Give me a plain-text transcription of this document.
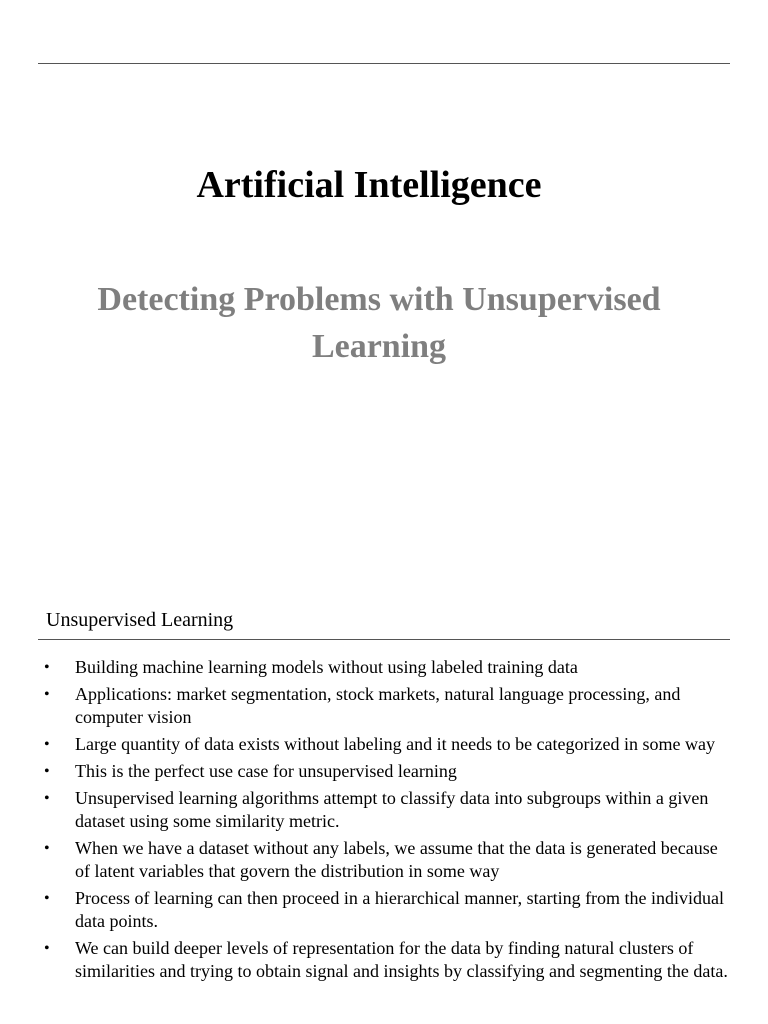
Artificial Intelligence
Detecting Problems with Unsupervised Learning
Unsupervised Learning
• Building machine learning models without using labeled training data
• Applications: market segmentation, stock markets, natural language processing, and computer vision
• Large quantity of data exists without labeling and it needs to be categorized in some way
• This is the perfect use case for unsupervised learning
• Unsupervised learning algorithms attempt to classify data into subgroups within a given dataset using some similarity metric.
• When we have a dataset without any labels, we assume that the data is generated because of latent variables that govern the distribution in some way
• Process of learning can then proceed in a hierarchical manner, starting from the individual data points.
• We can build deeper levels of representation for the data by finding natural clusters of similarities and trying to obtain signal and insights by classifying and segmenting the data.
